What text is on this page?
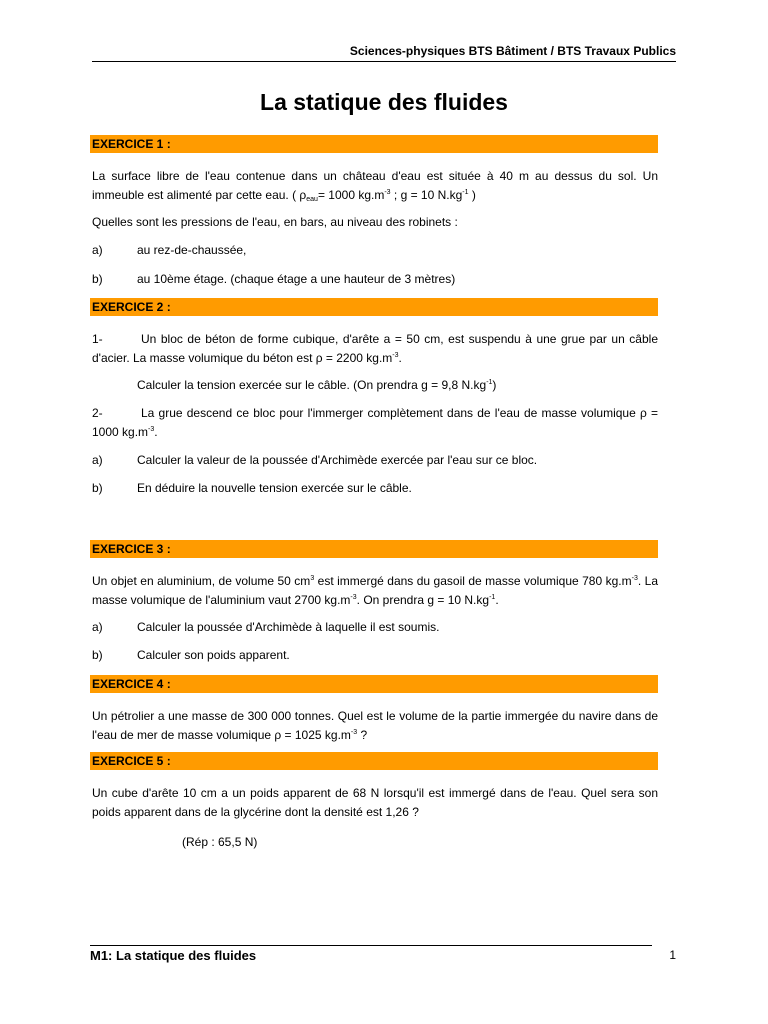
Sciences-physiques BTS Bâtiment / BTS Travaux Publics
La statique des fluides
EXERCICE 1 :
La surface libre de l'eau contenue dans un château d'eau est située à 40 m au dessus du sol. Un immeuble est alimenté par cette eau. ( $\rho_{eau}= 1000$ $kg.m^{-3}$ ; g = 10 $N.kg^{-1}$ )
Quelles sont les pressions de l'eau, en bars, au niveau des robinets :
a)	au rez-de-chaussée,
b)	au 10ème étage. (chaque étage a une hauteur de 3 mètres)
EXERCICE 2 :
1-	Un bloc de béton de forme cubique, d'arête a = 50 cm, est suspendu à une grue par un câble d'acier. La masse volumique du béton est ρ = 2200 $kg.m^{-3}$.
Calculer la tension exercée sur le câble. (On prendra g = 9,8 $N.kg^{-1}$)
2-	La grue descend ce bloc pour l'immerger complètement dans de l'eau de masse volumique ρ = 1000 $kg.m^{-3}$.
a)	Calculer la valeur de la poussée d'Archimède exercée par l'eau sur ce bloc.
b)	En déduire la nouvelle tension exercée sur le câble.
EXERCICE 3 :
Un objet en aluminium, de volume 50 $cm^3$ est immergé dans du gasoil de masse volumique 780 $kg.m^{-3}$. La masse volumique de l'aluminium vaut 2700 $kg.m^{-3}$. On prendra g = 10 $N.kg^{-1}$.
a)	Calculer la poussée d'Archimède à laquelle il est soumis.
b)	Calculer son poids apparent.
EXERCICE 4 :
Un pétrolier a une masse de 300 000 tonnes. Quel est le volume de la partie immergée du navire dans de l'eau de mer de masse volumique ρ = 1025 $kg.m^{-3}$ ?
EXERCICE 5 :
Un cube d'arête 10 cm a un poids apparent de 68 N lorsqu'il est immergé dans de l'eau. Quel sera son poids apparent dans de la glycérine dont la densité est 1,26 ?
(Rép : 65,5 N)
M1: La statique des fluides	1
